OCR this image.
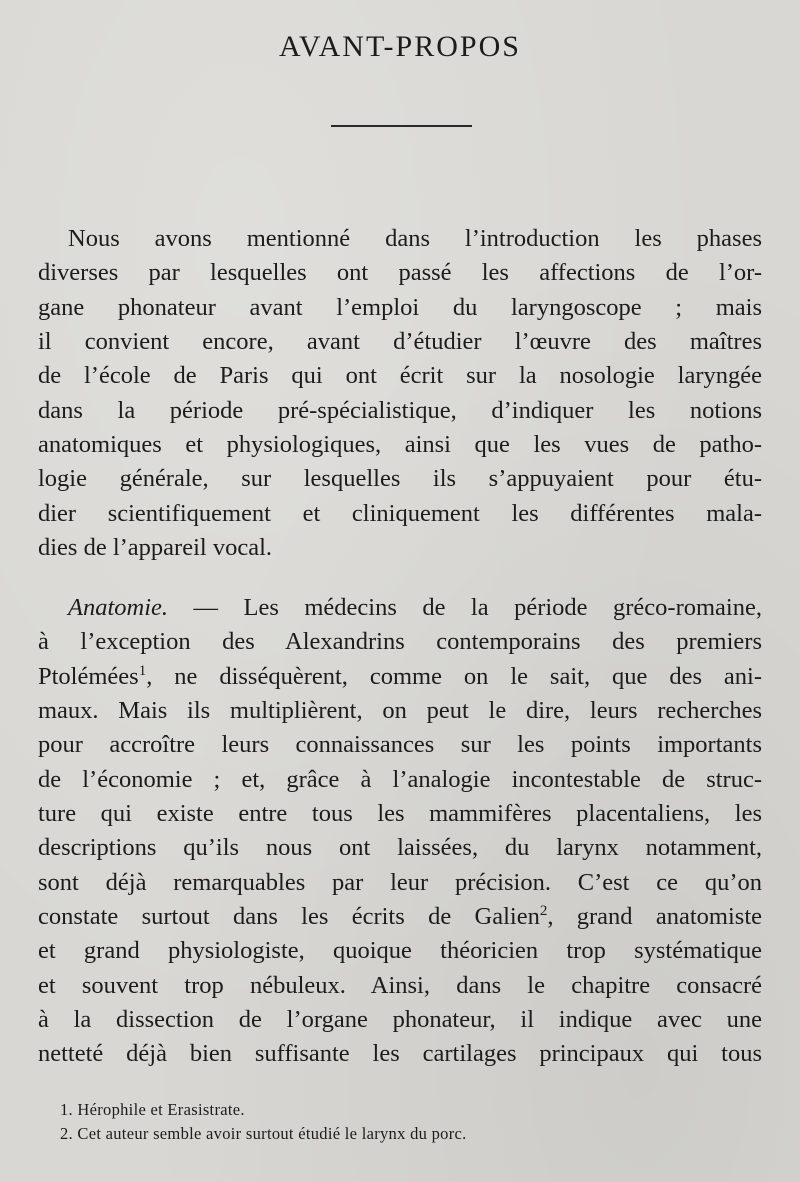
AVANT-PROPOS
Nous avons mentionné dans l’introduction les phases
diverses par lesquelles ont passé les affections de l’or-
gane phonateur avant l’emploi du laryngoscope ; mais
il convient encore, avant d’étudier l’œuvre des maîtres
de l’école de Paris qui ont écrit sur la nosologie laryngée
dans la période pré-spécialistique, d’indiquer les notions
anatomiques et physiologiques, ainsi que les vues de patho-
logie générale, sur lesquelles ils s’appuyaient pour étu-
dier scientifiquement et cliniquement les différentes mala-
dies de l’appareil vocal.
Anatomie. — Les médecins de la période gréco-romaine,
à l’exception des Alexandrins contemporains des premiers
Ptolémées$^1$, ne disséquèrent, comme on le sait, que des ani-
maux. Mais ils multiplièrent, on peut le dire, leurs recherches
pour accroître leurs connaissances sur les points importants
de l’économie ; et, grâce à l’analogie incontestable de struc-
ture qui existe entre tous les mammifères placentaliens, les
descriptions qu’ils nous ont laissées, du larynx notamment,
sont déjà remarquables par leur précision. C’est ce qu’on
constate surtout dans les écrits de Galien$^2$, grand anatomiste
et grand physiologiste, quoique théoricien trop systématique
et souvent trop nébuleux. Ainsi, dans le chapitre consacré
à la dissection de l’organe phonateur, il indique avec une
netteté déjà bien suffisante les cartilages principaux qui tous
1. Hérophile et Erasistrate.
2. Cet auteur semble avoir surtout étudié le larynx du porc.
